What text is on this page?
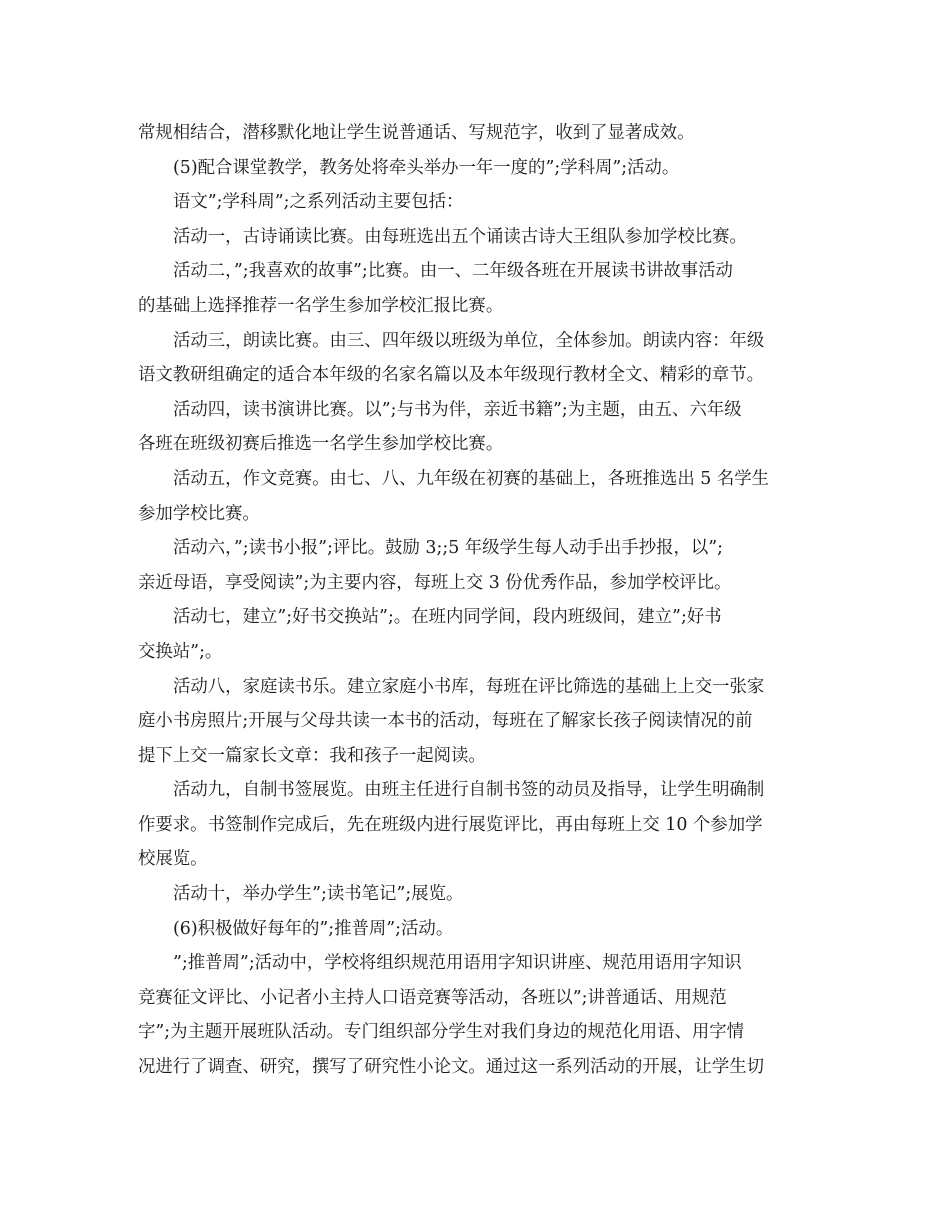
常规相结合，潜移默化地让学生说普通话、写规范字，收到了显著成效。
(5)配合课堂教学，教务处将牵头举办一年一度的”;学科周”;活动。
语文”;学科周”;之系列活动主要包括：
活动一，古诗诵读比赛。由每班选出五个诵读古诗大王组队参加学校比赛。
活动二，”;我喜欢的故事”;比赛。由一、二年级各班在开展读书讲故事活动
的基础上选择推荐一名学生参加学校汇报比赛。
活动三，朗读比赛。由三、四年级以班级为单位，全体参加。朗读内容：年级
语文教研组确定的适合本年级的名家名篇以及本年级现行教材全文、精彩的章节。
活动四，读书演讲比赛。以”;与书为伴，亲近书籍”;为主题，由五、六年级
各班在班级初赛后推选一名学生参加学校比赛。
活动五，作文竞赛。由七、八、九年级在初赛的基础上，各班推选出 5 名学生
参加学校比赛。
活动六，”;读书小报”;评比。鼓励 3;;5 年级学生每人动手出手抄报，以”;
亲近母语，享受阅读”;为主要内容，每班上交 3 份优秀作品，参加学校评比。
活动七，建立”;好书交换站”;。在班内同学间，段内班级间，建立”;好书
交换站”;。
活动八，家庭读书乐。建立家庭小书库，每班在评比筛选的基础上上交一张家
庭小书房照片;开展与父母共读一本书的活动，每班在了解家长孩子阅读情况的前
提下上交一篇家长文章：我和孩子一起阅读。
活动九，自制书签展览。由班主任进行自制书签的动员及指导，让学生明确制
作要求。书签制作完成后，先在班级内进行展览评比，再由每班上交 10 个参加学
校展览。
活动十，举办学生”;读书笔记”;展览。
(6)积极做好每年的”;推普周”;活动。
”;推普周”;活动中，学校将组织规范用语用字知识讲座、规范用语用字知识
竞赛征文评比、小记者小主持人口语竞赛等活动，各班以”;讲普通话、用规范
字”;为主题开展班队活动。专门组织部分学生对我们身边的规范化用语、用字情
况进行了调查、研究，撰写了研究性小论文。通过这一系列活动的开展，让学生切
